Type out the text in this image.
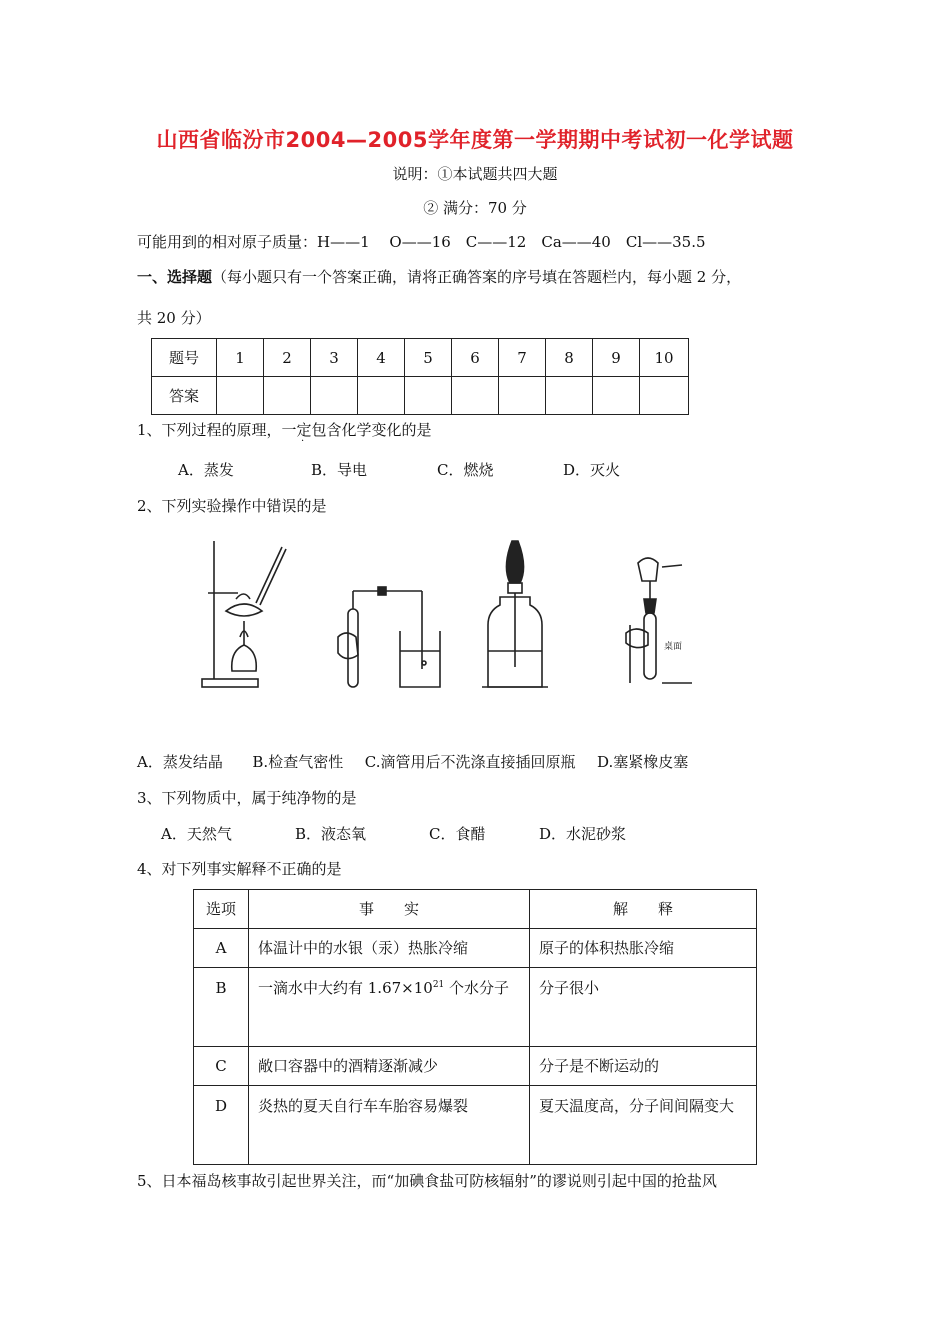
山西省临汾市2004—2005学年度第一学期期中考试初一化学试题
说明：①本试题共四大题
② 满分：70 分
可能用到的相对原子质量：H——1　 O——16　C——12　Ca——40　Cl——35.5
一、选择题（每小题只有一个答案正确，请将正确答案的序号填在答题栏内，每小题 2 分，
共 20 分）
题号	1	2	3	4	5	6	7	8	9	10
答案										
1、下列过程的原理，一定包含化学变化的是
·
A．蒸发	B．导电	C．燃烧	D．灭火
2、下列实验操作中错误的是
桌面
A．蒸发结晶 B.检查气密性 C.滴管用后不洗涤直接插回原瓶 D.塞紧橡皮塞
3、下列物质中，属于纯净物的是
A．天然气	B．液态氧	C．食醋	D．水泥砂浆
4、对下列事实解释不正确的是
选项	事　　实	解　　释
A	体温计中的水银（汞）热胀冷缩	原子的体积热胀冷缩
B	一滴水中大约有 $1.67\times 10^{21}$ 个水分子	分子很小
C	敞口容器中的酒精逐渐减少	分子是不断运动的
D	炎热的夏天自行车车胎容易爆裂	夏天温度高，分子间间隔变大
5、日本福岛核事故引起世界关注，而“加碘食盐可防核辐射”的谬说则引起中国的抢盐风
